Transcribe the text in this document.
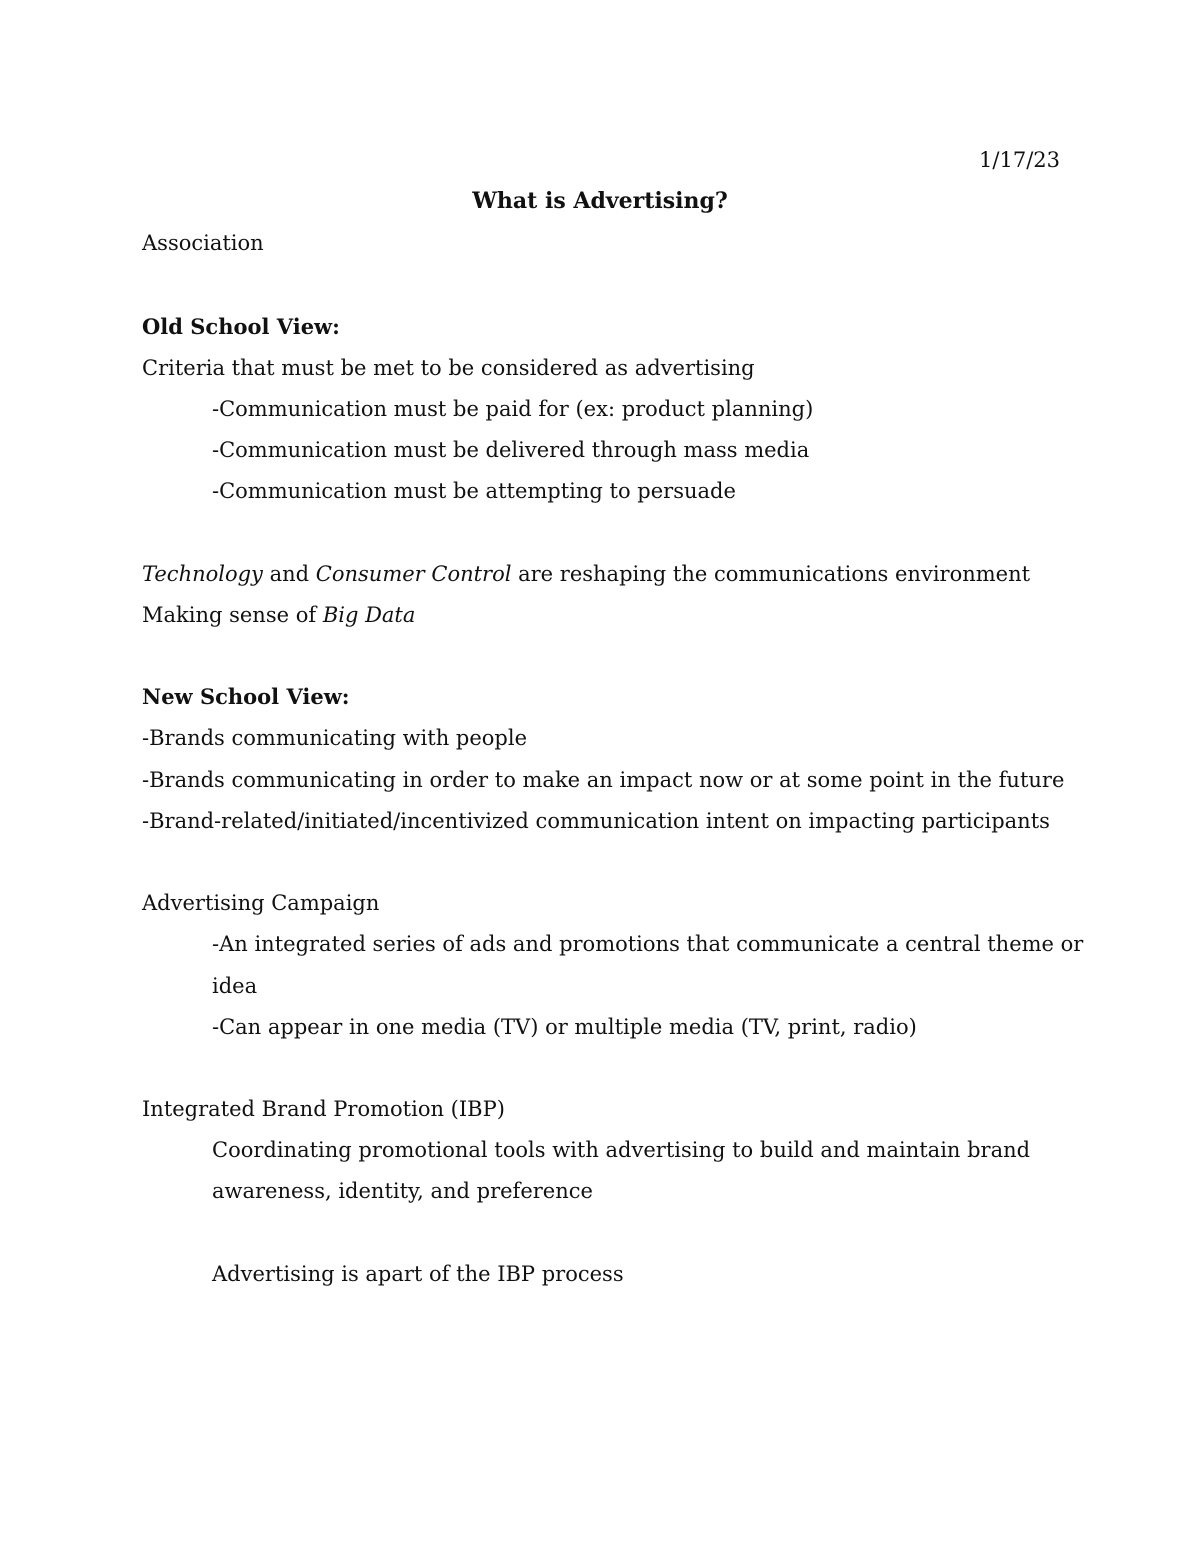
1/17/23
What is Advertising?
Association
Old School View:
Criteria that must be met to be considered as advertising
-Communication must be paid for (ex: product planning)
-Communication must be delivered through mass media
-Communication must be attempting to persuade
Technology and Consumer Control are reshaping the communications environment
Making sense of Big Data
New School View:
-Brands communicating with people
-Brands communicating in order to make an impact now or at some point in the future
-Brand-related/initiated/incentivized communication intent on impacting participants
Advertising Campaign
-An integrated series of ads and promotions that communicate a central theme or
idea
-Can appear in one media (TV) or multiple media (TV, print, radio)
Integrated Brand Promotion (IBP)
Coordinating promotional tools with advertising to build and maintain brand
awareness, identity, and preference
Advertising is apart of the IBP process
